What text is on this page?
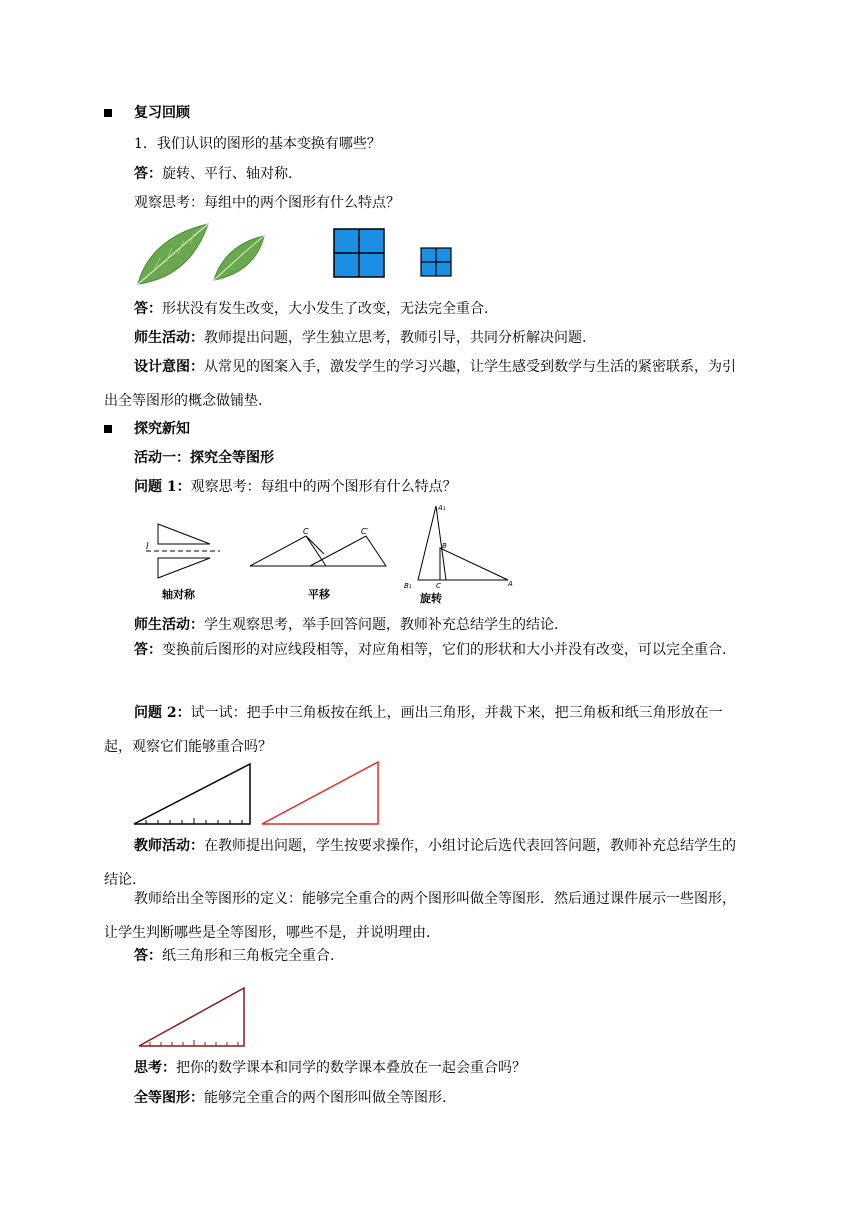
复习回顾
1．我们认识的图形的基本变换有哪些？
答：旋转、平行、轴对称.
观察思考：每组中的两个图形有什么特点？
答：形状没有发生改变，大小发生了改变，无法完全重合.
师生活动：教师提出问题，学生独立思考，教师引导，共同分析解决问题.
设计意图：从常见的图案入手，激发学生的学习兴趣，让学生感受到数学与生活的紧密联系，为引出全等图形的概念做铺垫.
探究新知
活动一：探究全等图形
问题 1：观察思考：每组中的两个图形有什么特点？
l
轴对称
C	C′
平移
A₁
B
B₁	C	A
旋转
师生活动：学生观察思考，举手回答问题，教师补充总结学生的结论.
答：变换前后图形的对应线段相等，对应角相等，它们的形状和大小并没有改变，可以完全重合.
问题 2：试一试：把手中三角板按在纸上，画出三角形，并裁下来，把三角板和纸三角形放在一起，观察它们能够重合吗？
教师活动：在教师提出问题，学生按要求操作，小组讨论后选代表回答问题，教师补充总结学生的结论.
教师给出全等图形的定义：能够完全重合的两个图形叫做全等图形．然后通过课件展示一些图形，让学生判断哪些是全等图形，哪些不是，并说明理由.
答：纸三角形和三角板完全重合.
思考：把你的数学课本和同学的数学课本叠放在一起会重合吗？
全等图形：能够完全重合的两个图形叫做全等图形.
